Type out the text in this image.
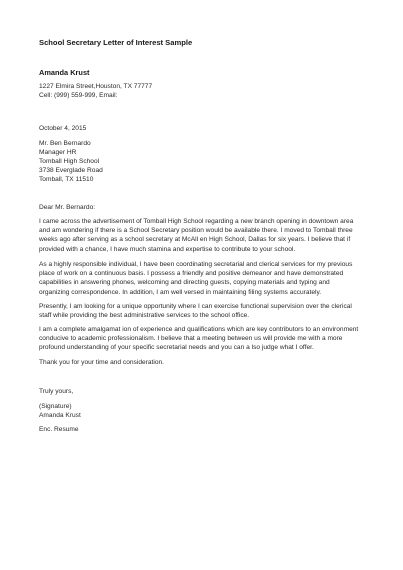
School Secretary Letter of Interest Sample
Amanda Krust
1227 Elmira Street,Houston, TX 77777
Cell: (999) 559-999, Email:
October 4, 2015
Mr. Ben Bernardo
Manager HR
Tomball High School
3738 Everglade Road
Tomball, TX 11510
Dear Mr. Bernardo:
I came across the advertisement of Tomball High School regarding a new branch opening in downtown area
and am wondering if there is a School Secretary position would be available there. I moved to Tomball three
weeks ago after serving as a school secretary at McAll en High School, Dallas for six years. I believe that if
provided with a chance, I have much stamina and expertise to contribute to your school.
As a highly responsible individual, I have been coordinating secretarial and clerical services for my previous
place of work on a continuous basis. I possess a friendly and positive demeanor and have demonstrated
capabilities in answering phones, welcoming and directing guests, copying materials and typing and
organizing correspondence. In addition, I am well versed in maintaining filing systems accurately.
Presently, I am looking for a unique opportunity where I can exercise functional supervision over the clerical
staff while providing the best administrative services to the school office.
I am a complete amalgamat ion of experience and qualifications which are key contributors to an environment
conducive to academic professionalism. I believe that a meeting between us will provide me with a more
profound understanding of your specific secretarial needs and you can a lso judge what I offer.
Thank you for your time and consideration.
Truly yours,
(Signature)
Amanda Krust
Enc. Resume
